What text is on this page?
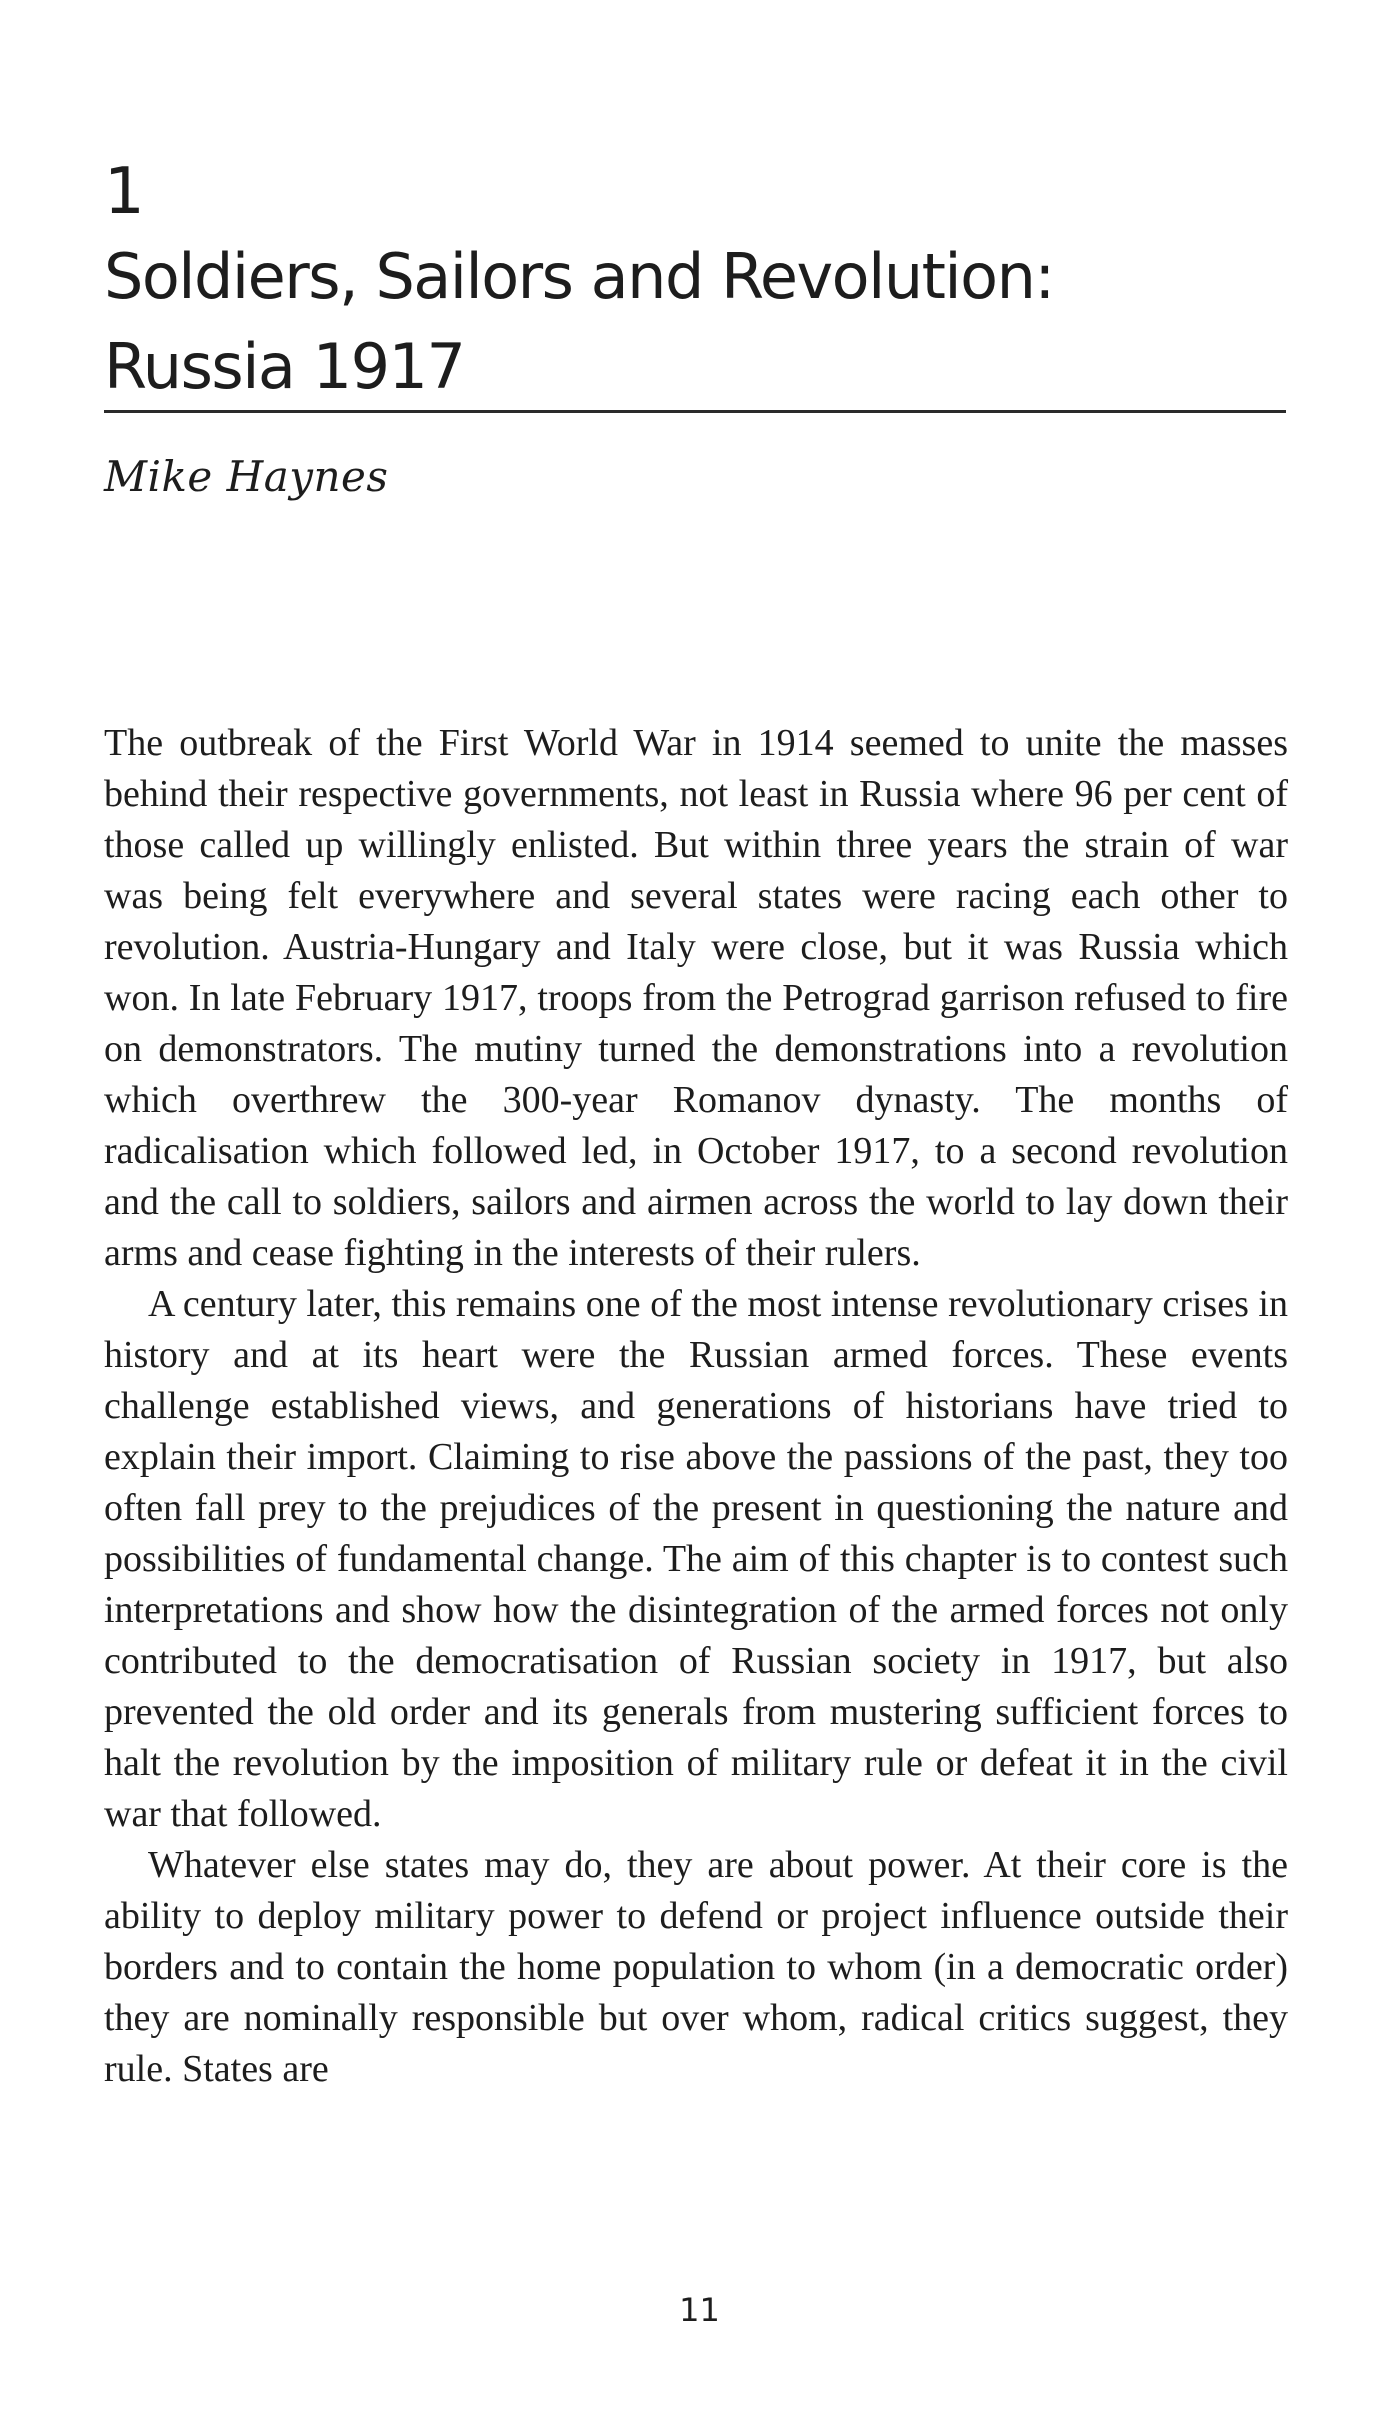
1
Soldiers, Sailors and Revolution:
Russia 1917

Mike Haynes

The outbreak of the First World War in 1914 seemed to unite the masses behind their respective governments, not least in Russia where 96 per cent of those called up willingly enlisted. But within three years the strain of war was being felt everywhere and several states were racing each other to revolution. Austria-Hungary and Italy were close, but it was Russia which won. In late February 1917, troops from the Petrograd garrison refused to fire on demonstrators. The mutiny turned the demonstrations into a revolution which overthrew the 300-year Romanov dynasty. The months of radicalisation which followed led, in October 1917, to a second revolution and the call to soldiers, sailors and airmen across the world to lay down their arms and cease fighting in the interests of their rulers.

A century later, this remains one of the most intense revolutionary crises in history and at its heart were the Russian armed forces. These events challenge established views, and generations of historians have tried to explain their import. Claiming to rise above the passions of the past, they too often fall prey to the prejudices of the present in questioning the nature and possibilities of fundamental change. The aim of this chapter is to contest such interpretations and show how the disintegration of the armed forces not only contributed to the democratisation of Russian society in 1917, but also prevented the old order and its generals from mustering sufficient forces to halt the revolution by the imposition of military rule or defeat it in the civil war that followed.

Whatever else states may do, they are about power. At their core is the ability to deploy military power to defend or project influence outside their borders and to contain the home population to whom (in a democratic order) they are nominally responsible but over whom, radical critics suggest, they rule. States are

11
